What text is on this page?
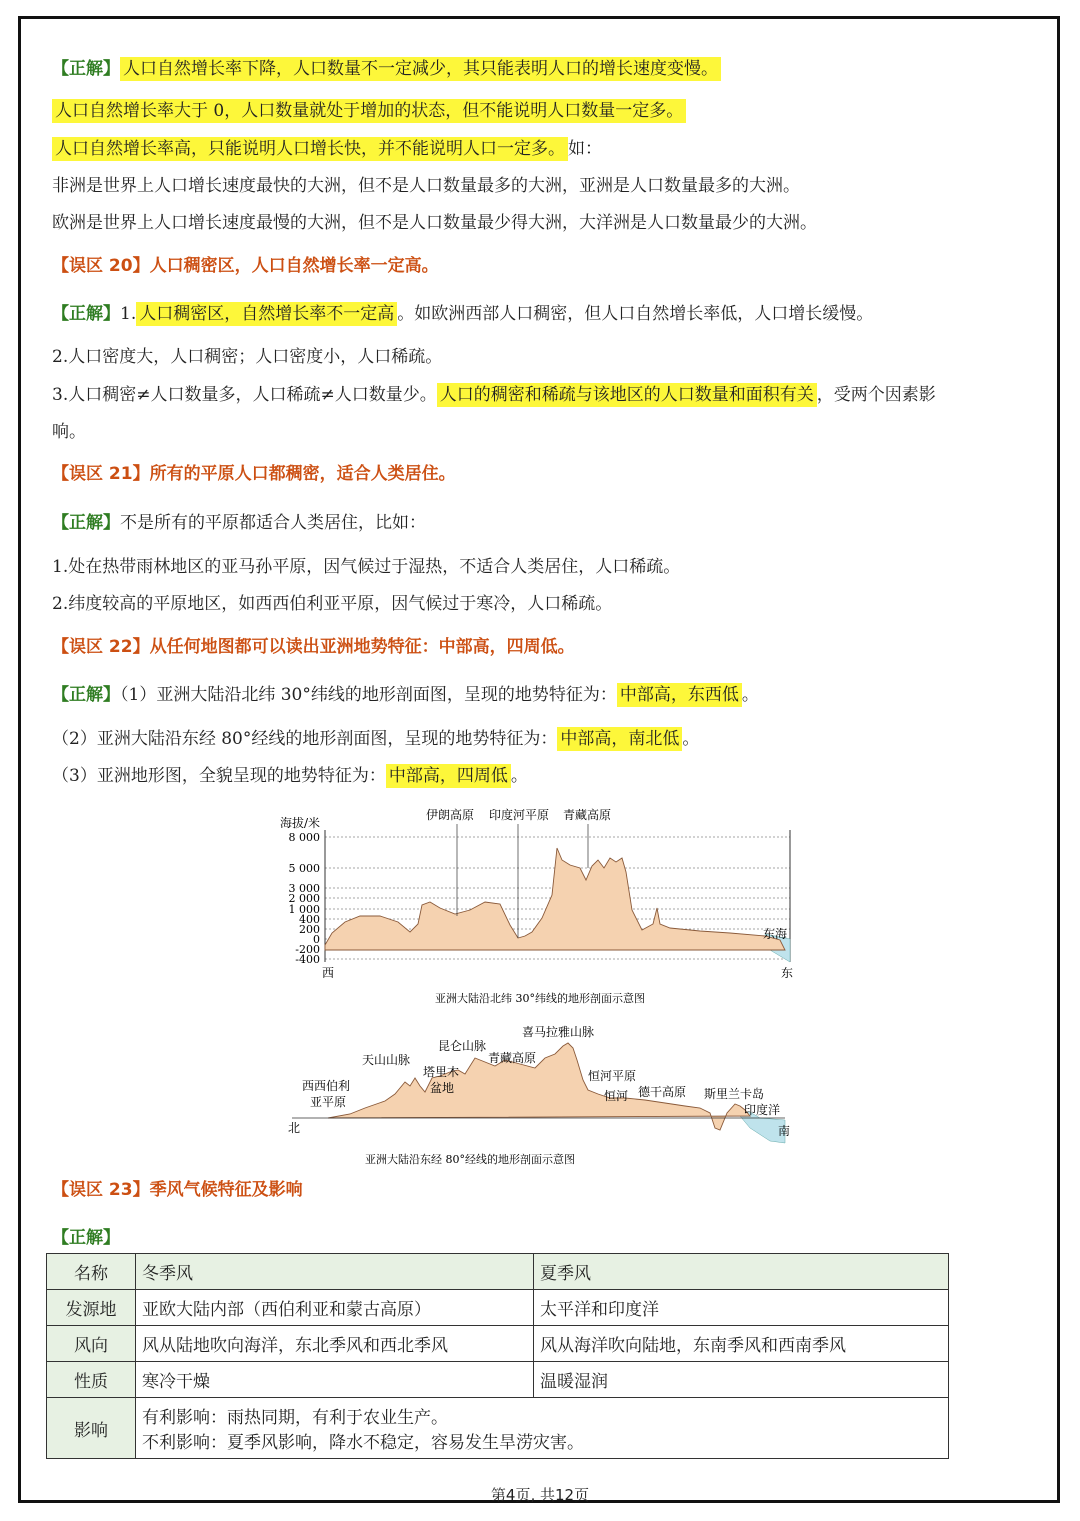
【正解】 人口自然增长率下降，人口数量不一定减少，其只能表明人口的增长速度变慢。
人口自然增长率大于 0，人口数量就处于增加的状态，但不能说明人口数量一定多。
人口自然增长率高，只能说明人口增长快，并不能说明人口一定多。 如：
非洲是世界上人口增长速度最快的大洲，但不是人口数量最多的大洲，亚洲是人口数量最多的大洲。
欧洲是世界上人口增长速度最慢的大洲，但不是人口数量最少得大洲，大洋洲是人口数量最少的大洲。
【误区 20】人口稠密区，人口自然增长率一定高。
【正解】1. 人口稠密区，自然增长率不一定高 。如欧洲西部人口稠密，但人口自然增长率低，人口增长缓慢。
2.人口密度大，人口稠密；人口密度小，人口稀疏。
3.人口稠密≠人口数量多，人口稀疏≠人口数量少。 人口的稠密和稀疏与该地区的人口数量和面积有关 ，受两个因素影
响。
【误区 21】所有的平原人口都稠密，适合人类居住。
【正解】不是所有的平原都适合人类居住，比如：
1.处在热带雨林地区的亚马孙平原，因气候过于湿热，不适合人类居住，人口稀疏。
2.纬度较高的平原地区，如西西伯利亚平原，因气候过于寒冷，人口稀疏。
【误区 22】从任何地图都可以读出亚洲地势特征：中部高，四周低。
【正解】（1）亚洲大陆沿北纬 30°纬线的地形剖面图，呈现的地势特征为： 中部高，东西低 。
（2）亚洲大陆沿东经 80°经线的地形剖面图，呈现的地势特征为： 中部高，南北低 。
（3）亚洲地形图，全貌呈现的地势特征为： 中部高，四周低 。
海拔/米
8 000
5 000
3 000
2 000
1 000
400
200
0
-200
-400
伊朗高原 印度河平原 青藏高原
东海
西	东
亚洲大陆沿北纬 30°纬线的地形剖面示意图
西西伯利
亚平原
天山山脉
塔里木
盆地
昆仑山脉
青藏高原
喜马拉雅山脉
恒河平原
恒河 德干高原 斯里兰卡岛
印度洋
北	南
亚洲大陆沿东经 80°经线的地形剖面示意图
【误区 23】季风气候特征及影响
【正解】
名称	冬季风	夏季风
发源地	亚欧大陆内部（西伯利亚和蒙古高原）	太平洋和印度洋
风向	风从陆地吹向海洋，东北季风和西北季风	风从海洋吹向陆地，东南季风和西南季风
性质	寒冷干燥	温暖湿润
影响	有利影响：雨热同期，有利于农业生产。
不利影响：夏季风影响，降水不稳定，容易发生旱涝灾害。	
第4页, 共12页
